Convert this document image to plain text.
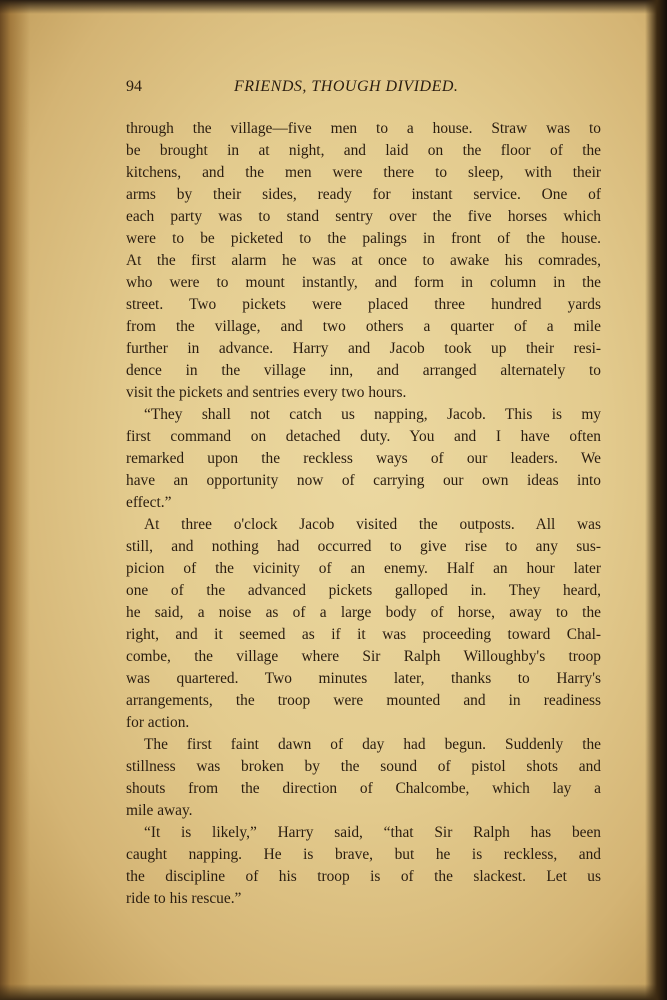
94	FRIENDS, THOUGH DIVIDED.
through the village—five men to a house. Straw was to
be brought in at night, and laid on the floor of the
kitchens, and the men were there to sleep, with their
arms by their sides, ready for instant service. One of
each party was to stand sentry over the five horses which
were to be picketed to the palings in front of the house.
At the first alarm he was at once to awake his comrades,
who were to mount instantly, and form in column in the
street. Two pickets were placed three hundred yards
from the village, and two others a quarter of a mile
further in advance. Harry and Jacob took up their resi-
dence in the village inn, and arranged alternately to
visit the pickets and sentries every two hours.
“They shall not catch us napping, Jacob. This is my
first command on detached duty. You and I have often
remarked upon the reckless ways of our leaders. We
have an opportunity now of carrying our own ideas into
effect.”
At three o'clock Jacob visited the outposts. All was
still, and nothing had occurred to give rise to any sus-
picion of the vicinity of an enemy. Half an hour later
one of the advanced pickets galloped in. They heard,
he said, a noise as of a large body of horse, away to the
right, and it seemed as if it was proceeding toward Chal-
combe, the village where Sir Ralph Willoughby's troop
was quartered. Two minutes later, thanks to Harry's
arrangements, the troop were mounted and in readiness
for action.
The first faint dawn of day had begun. Suddenly the
stillness was broken by the sound of pistol shots and
shouts from the direction of Chalcombe, which lay a
mile away.
“It is likely,” Harry said, “that Sir Ralph has been
caught napping. He is brave, but he is reckless, and
the discipline of his troop is of the slackest. Let us
ride to his rescue.”
